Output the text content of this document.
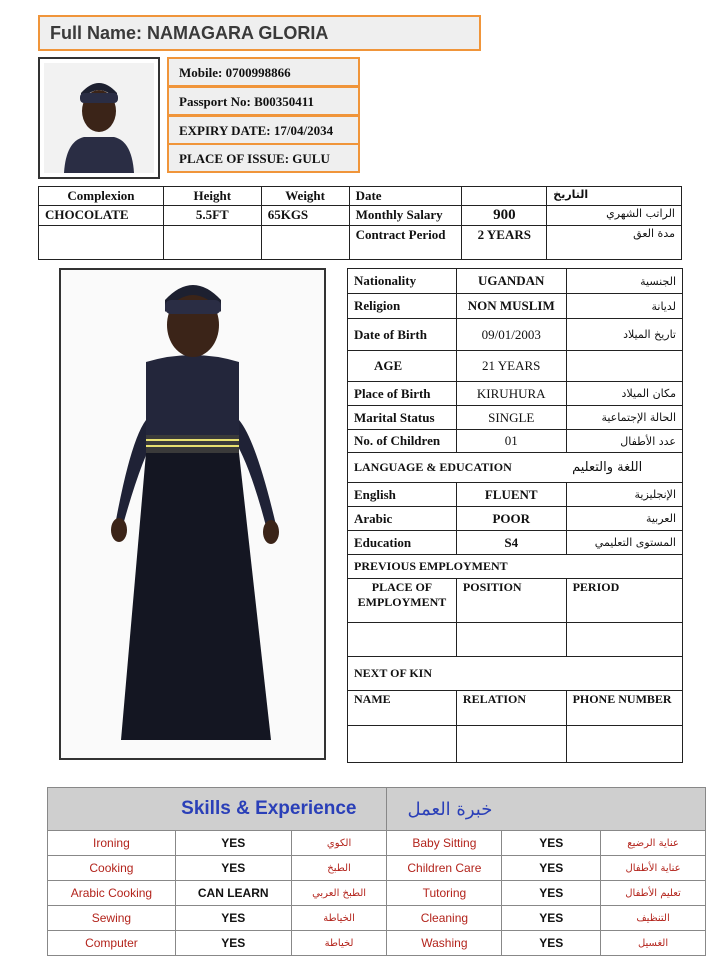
Full Name: NAMAGARA GLORIA
Mobile: 0700998866
Passport No: B00350411
EXPIRY DATE: 17/04/2034
PLACE OF ISSUE: GULU
Complexion	Height	Weight	Date		التاريخ
CHOCOLATE	5.5FT	65KGS	Monthly Salary	900	الراتب الشهري
			Contract Period	2 YEARS	مدة العق
Nationality	UGANDAN	الجنسية
Religion	NON MUSLIM	لديانة
Date of Birth	09/01/2003	تاريخ الميلاد
AGE	21 YEARS	
Place of Birth	KIRUHURA	مكان الميلاد
Marital Status	SINGLE	الحالة الإجتماعية
No. of Children	01	عدد الأطفال
LANGUAGE & EDUCATION		اللغة والتعليم
English	FLUENT	الإنجليزية
Arabic	POOR	العربية
Education	S4	المستوى التعليمي
PREVIOUS EMPLOYMENT		
PLACE OF EMPLOYMENT	POSITION	PERIOD

NEXT OF KIN		
NAME	RELATION	PHONE NUMBER

Skills & Experience			خبرة العمل		
Ironing	YES	الكوي	Baby Sitting	YES	عناية الرضيع
Cooking	YES	الطبخ	Children Care	YES	عناية الأطفال
Arabic Cooking	CAN LEARN	الطبخ العربي	Tutoring	YES	تعليم الأطفال
Sewing	YES	الخياطة	Cleaning	YES	التنظيف
Computer	YES	لخياطة	Washing	YES	الغسيل
